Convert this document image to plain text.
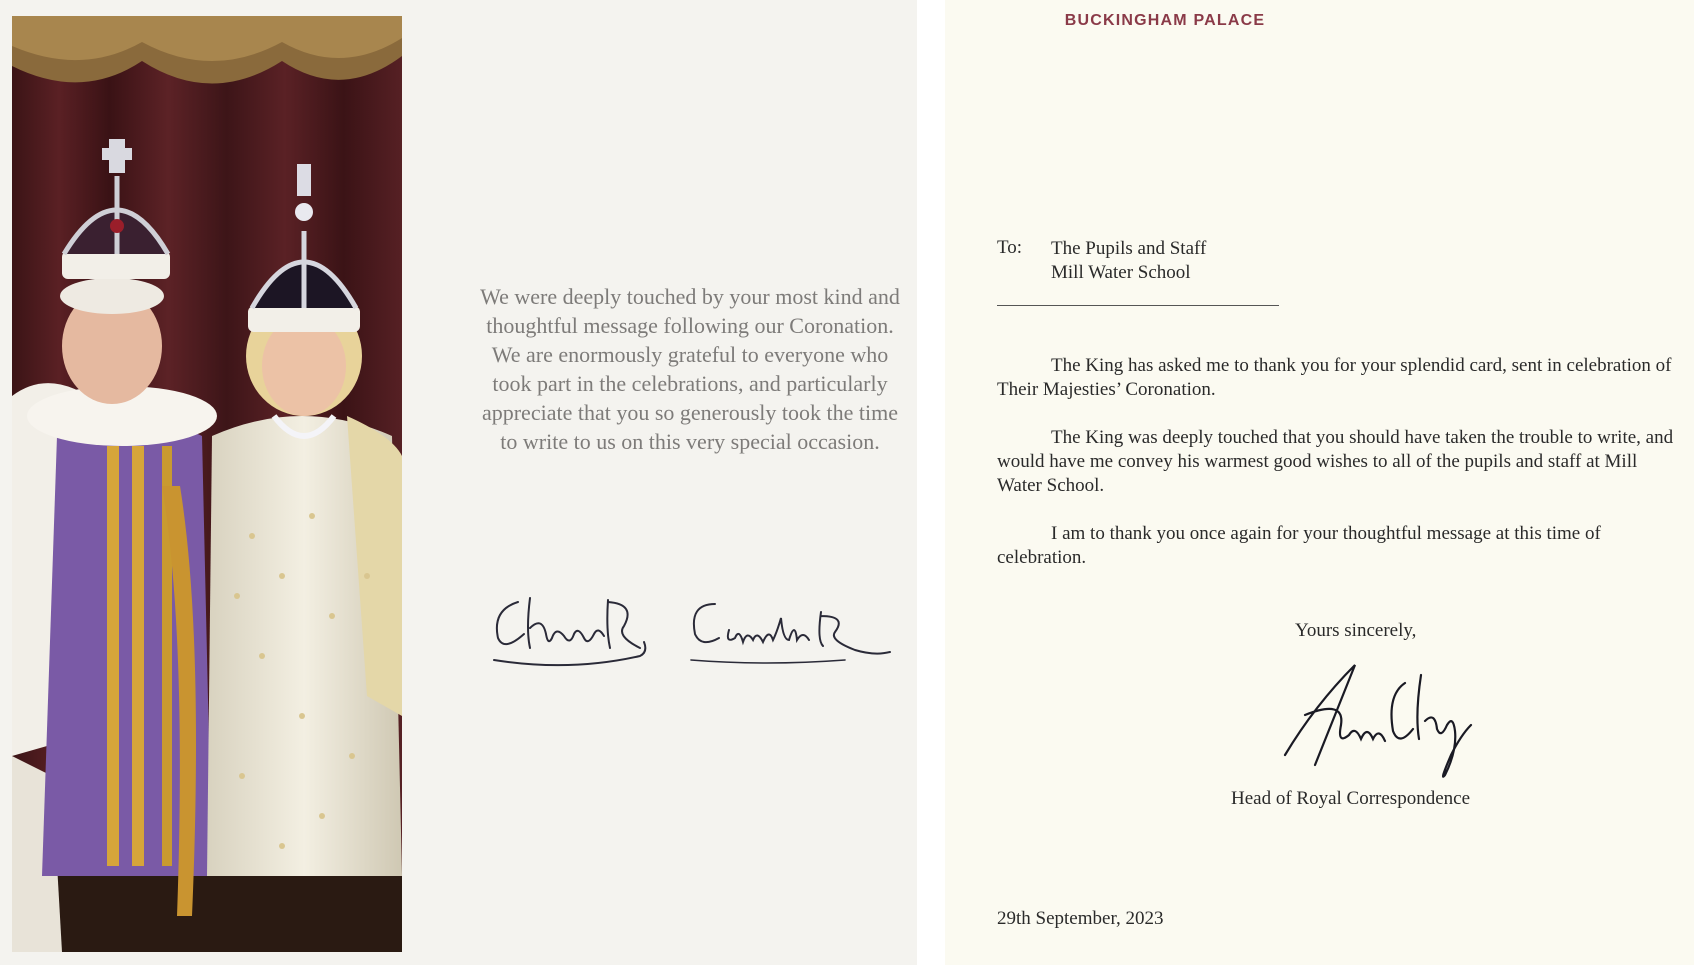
We were deeply touched by your most kind and thoughtful message following our Coronation. We are enormously grateful to everyone who took part in the celebrations, and particularly appreciate that you so generously took the time to write to us on this very special occasion.

BUCKINGHAM PALACE
To: The Pupils and Staff
Mill Water School

The King has asked me to thank you for your splendid card, sent in celebration of Their Majesties’ Coronation.

The King was deeply touched that you should have taken the trouble to write, and would have me convey his warmest good wishes to all of the pupils and staff at Mill Water School.

I am to thank you once again for your thoughtful message at this time of celebration.

Yours sincerely,
Head of Royal Correspondence
29th September, 2023
